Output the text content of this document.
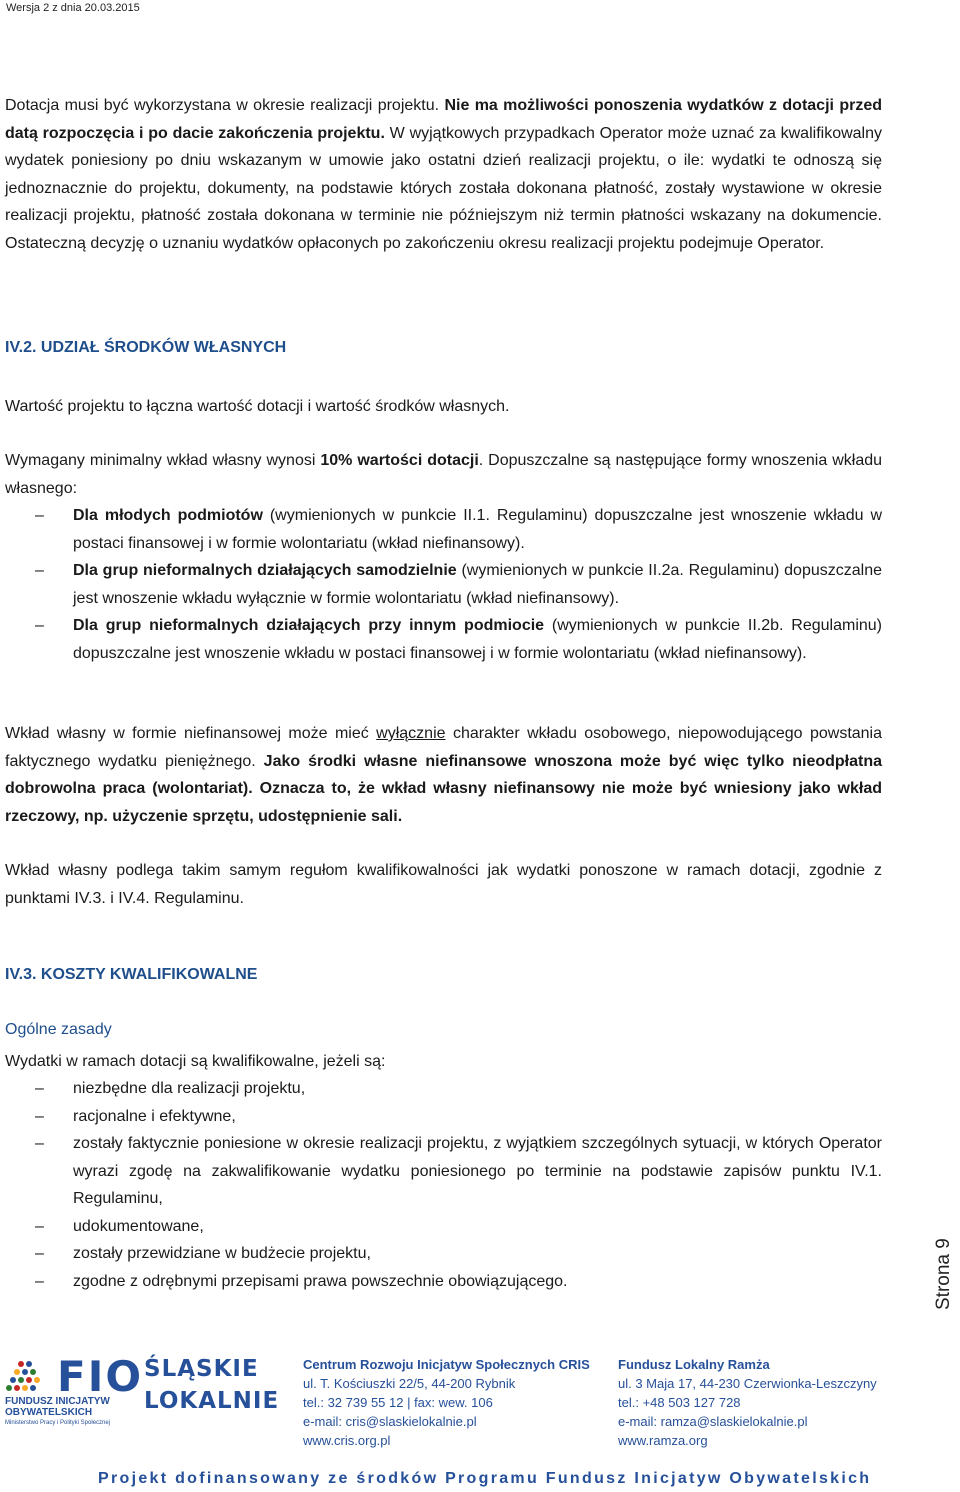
Wersja 2 z dnia 20.03.2015
Dotacja musi być wykorzystana w okresie realizacji projektu. Nie ma możliwości ponoszenia wydatków z dotacji przed datą rozpoczęcia i po dacie zakończenia projektu. W wyjątkowych przypadkach Operator może uznać za kwalifikowalny wydatek poniesiony po dniu wskazanym w umowie jako ostatni dzień realizacji projektu, o ile: wydatki te odnoszą się jednoznacznie do projektu, dokumenty, na podstawie których została dokonana płatność, zostały wystawione w okresie realizacji projektu, płatność została dokonana w terminie nie późniejszym niż termin płatności wskazany na dokumencie. Ostateczną decyzję o uznaniu wydatków opłaconych po zakończeniu okresu realizacji projektu podejmuje Operator.
IV.2. UDZIAŁ ŚRODKÓW WŁASNYCH
Wartość projektu to łączna wartość dotacji i wartość środków własnych.
Wymagany minimalny wkład własny wynosi 10% wartości dotacji. Dopuszczalne są następujące formy wnoszenia wkładu własnego:
– Dla młodych podmiotów (wymienionych w punkcie II.1. Regulaminu) dopuszczalne jest wnoszenie wkładu w postaci finansowej i w formie wolontariatu (wkład niefinansowy).
– Dla grup nieformalnych działających samodzielnie (wymienionych w punkcie II.2a. Regulaminu) dopuszczalne jest wnoszenie wkładu wyłącznie w formie wolontariatu (wkład niefinansowy).
– Dla grup nieformalnych działających przy innym podmiocie (wymienionych w punkcie II.2b. Regulaminu) dopuszczalne jest wnoszenie wkładu w postaci finansowej i w formie wolontariatu (wkład niefinansowy).
Wkład własny w formie niefinansowej może mieć wyłącznie charakter wkładu osobowego, niepowodującego powstania faktycznego wydatku pieniężnego. Jako środki własne niefinansowe wnoszona może być więc tylko nieodpłatna dobrowolna praca (wolontariat). Oznacza to, że wkład własny niefinansowy nie może być wniesiony jako wkład rzeczowy, np. użyczenie sprzętu, udostępnienie sali.
Wkład własny podlega takim samym regułom kwalifikowalności jak wydatki ponoszone w ramach dotacji, zgodnie z punktami IV.3. i IV.4. Regulaminu.
IV.3. KOSZTY KWALIFIKOWALNE
Ogólne zasady
Wydatki w ramach dotacji są kwalifikowalne, jeżeli są:
– niezbędne dla realizacji projektu,
– racjonalne i efektywne,
– zostały faktycznie poniesione w okresie realizacji projektu, z wyjątkiem szczególnych sytuacji, w których Operator wyrazi zgodę na zakwalifikowanie wydatku poniesionego po terminie na podstawie zapisów punktu IV.1. Regulaminu,
– udokumentowane,
– zostały przewidziane w budżecie projektu,
– zgodne z odrębnymi przepisami prawa powszechnie obowiązującego.	Strona 9
FIO
FUNDUSZ INICJATYW
OBYWATELSKICH
Ministerstwo Pracy i Polityki Społecznej
ŚLĄSKIE
LOKALNIE
Centrum Rozwoju Inicjatyw Społecznych CRIS
ul. T. Kościuszki 22/5, 44-200 Rybnik
tel.: 32 739 55 12 | fax: wew. 106
e-mail: cris@slaskielokalnie.pl
www.cris.org.pl
Fundusz Lokalny Ramża
ul. 3 Maja 17, 44-230 Czerwionka-Leszczyny
tel.: +48 503 127 728
e-mail: ramza@slaskielokalnie.pl
www.ramza.org
Projekt dofinansowany ze środków Programu Fundusz Inicjatyw Obywatelskich
